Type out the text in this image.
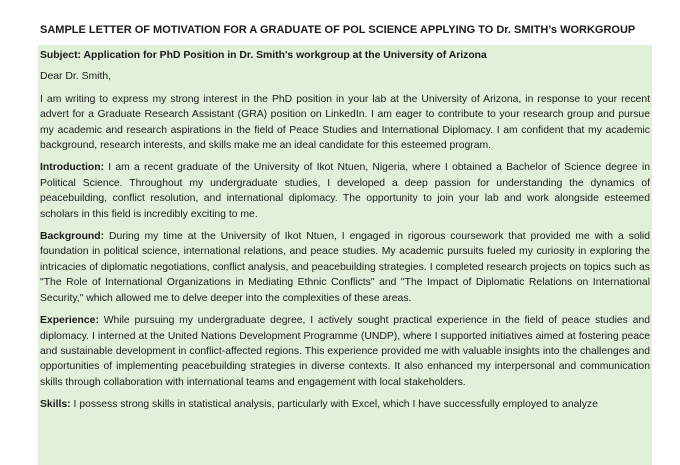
SAMPLE LETTER OF MOTIVATION FOR A GRADUATE OF POL SCIENCE APPLYING TO Dr. SMITH’s WORKGROUP

Subject: Application for PhD Position in Dr. Smith's workgroup at the University of Arizona

Dear Dr. Smith,

I am writing to express my strong interest in the PhD position in your lab at the University of Arizona, in response to your recent advert for a Graduate Research Assistant (GRA) position on LinkedIn. I am eager to contribute to your research group and pursue my academic and research aspirations in the field of Peace Studies and International Diplomacy. I am confident that my academic background, research interests, and skills make me an ideal candidate for this esteemed program.

Introduction: I am a recent graduate of the University of Ikot Ntuen, Nigeria, where I obtained a Bachelor of Science degree in Political Science. Throughout my undergraduate studies, I developed a deep passion for understanding the dynamics of peacebuilding, conflict resolution, and international diplomacy. The opportunity to join your lab and work alongside esteemed scholars in this field is incredibly exciting to me.

Background: During my time at the University of Ikot Ntuen, I engaged in rigorous coursework that provided me with a solid foundation in political science, international relations, and peace studies. My academic pursuits fueled my curiosity in exploring the intricacies of diplomatic negotiations, conflict analysis, and peacebuilding strategies. I completed research projects on topics such as "The Role of International Organizations in Mediating Ethnic Conflicts" and "The Impact of Diplomatic Relations on International Security," which allowed me to delve deeper into the complexities of these areas.

Experience: While pursuing my undergraduate degree, I actively sought practical experience in the field of peace studies and diplomacy. I interned at the United Nations Development Programme (UNDP), where I supported initiatives aimed at fostering peace and sustainable development in conflict-affected regions. This experience provided me with valuable insights into the challenges and opportunities of implementing peacebuilding strategies in diverse contexts. It also enhanced my interpersonal and communication skills through collaboration with international teams and engagement with local stakeholders.

Skills: I possess strong skills in statistical analysis, particularly with Excel, which I have successfully employed to analyze
